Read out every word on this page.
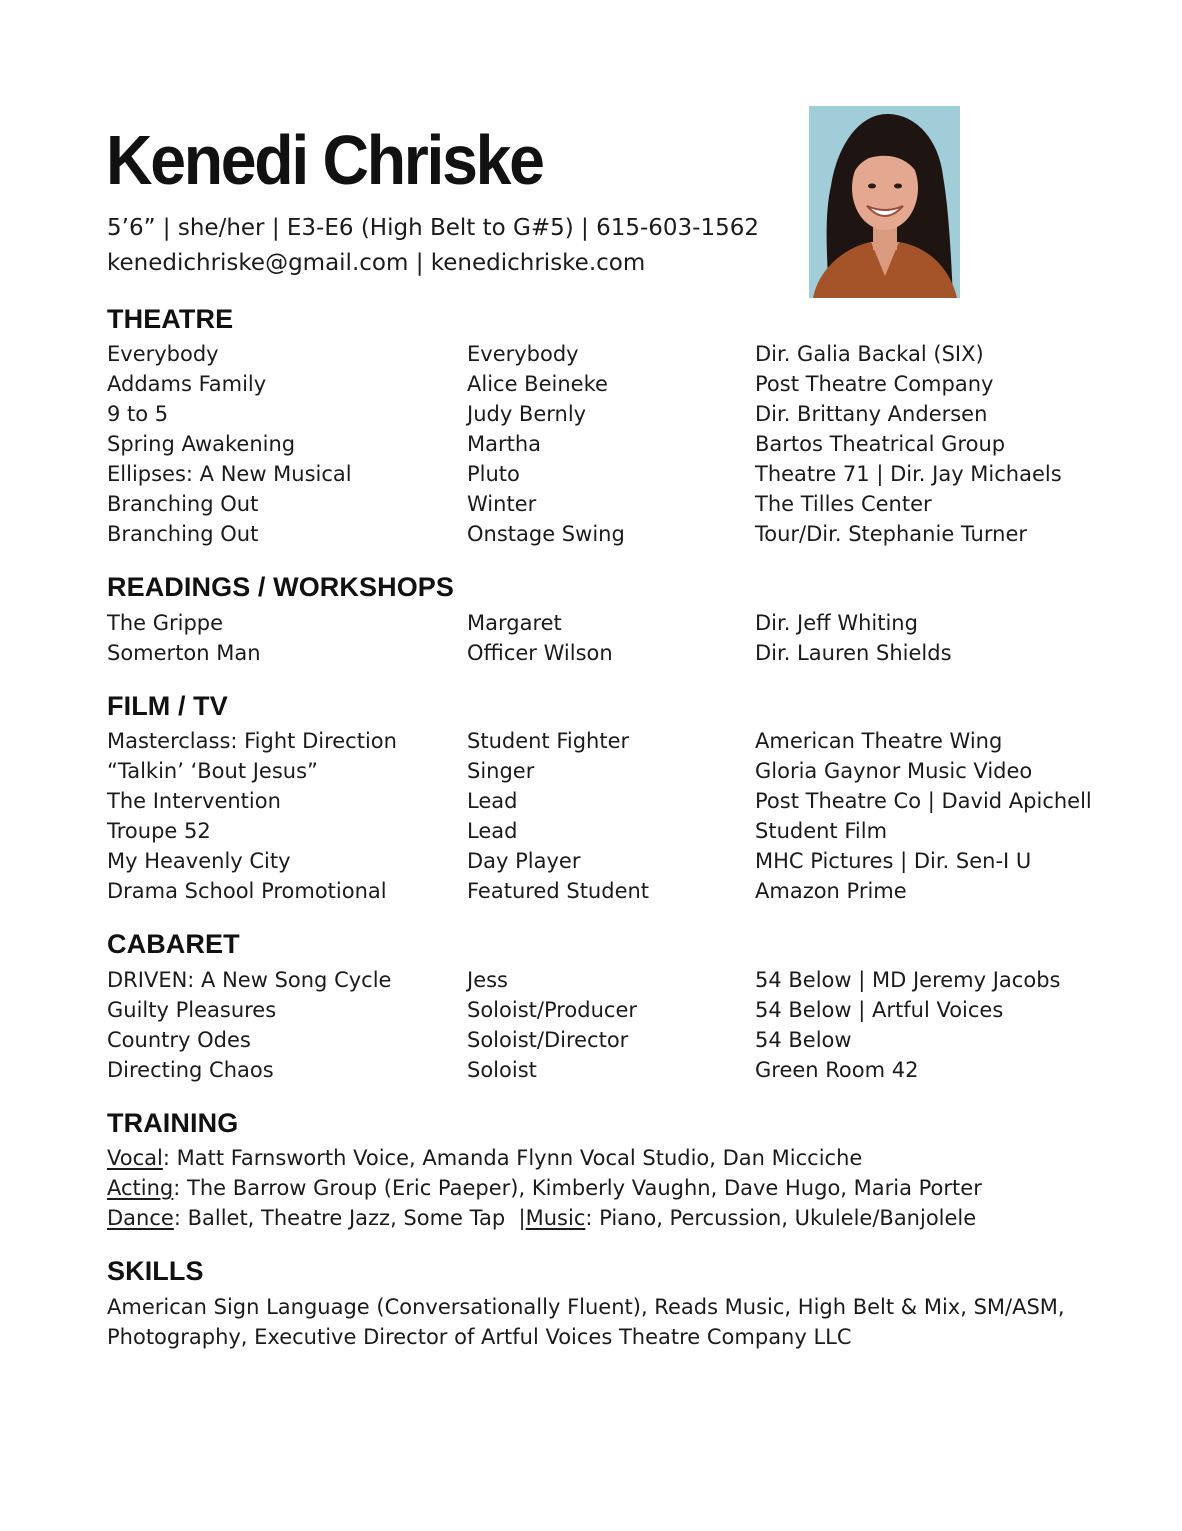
Kenedi Chriske

5’6” | she/her | E3-E6 (High Belt to G#5) | 615-603-1562

kenedichriske@gmail.com | kenedichriske.com

THEATRE
Everybody	Everybody	Dir. Galia Backal (SIX)
Addams Family	Alice Beineke	Post Theatre Company
9 to 5	Judy Bernly	Dir. Brittany Andersen
Spring Awakening	Martha	Bartos Theatrical Group
Ellipses: A New Musical	Pluto	Theatre 71 | Dir. Jay Michaels
Branching Out	Winter	The Tilles Center
Branching Out	Onstage Swing	Tour/Dir. Stephanie Turner
READINGS / WORKSHOPS
The Grippe	Margaret	Dir. Jeff Whiting
Somerton Man	Officer Wilson	Dir. Lauren Shields
FILM / TV
Masterclass: Fight Direction	Student Fighter	American Theatre Wing
“Talkin’ ‘Bout Jesus”	Singer	Gloria Gaynor Music Video
The Intervention	Lead	Post Theatre Co | David Apichell
Troupe 52	Lead	Student Film
My Heavenly City	Day Player	MHC Pictures | Dir. Sen-I U
Drama School Promotional	Featured Student	Amazon Prime
CABARET
DRIVEN: A New Song Cycle	Jess	54 Below | MD Jeremy Jacobs
Guilty Pleasures	Soloist/Producer	54 Below | Artful Voices
Country Odes	Soloist/Director	54 Below
Directing Chaos	Soloist	Green Room 42
TRAINING

Vocal: Matt Farnsworth Voice, Amanda Flynn Vocal Studio, Dan Micciche

Acting: The Barrow Group (Eric Paeper), Kimberly Vaughn, Dave Hugo, Maria Porter

Dance: Ballet, Theatre Jazz, Some Tap  |Music: Piano, Percussion, Ukulele/Banjolele

SKILLS

American Sign Language (Conversationally Fluent), Reads Music, High Belt & Mix, SM/ASM,

Photography, Executive Director of Artful Voices Theatre Company LLC
